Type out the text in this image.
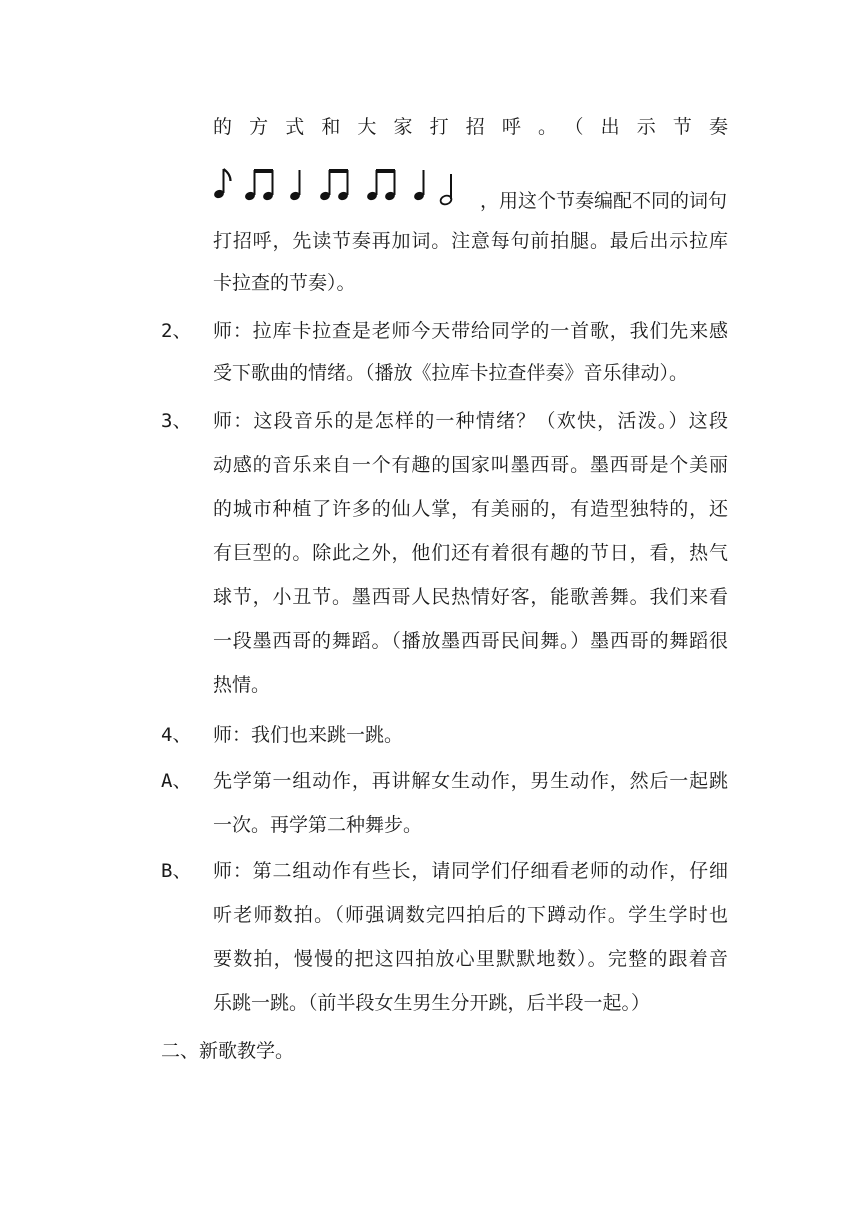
的方式和大家打招呼。（出示节奏
，用这个节奏编配不同的词句
打招呼，先读节奏再加词。注意每句前拍腿。最后出示拉库
卡拉查的节奏）。
2、 师：拉库卡拉查是老师今天带给同学的一首歌，我们先来感
受下歌曲的情绪。（播放《拉库卡拉查伴奏》音乐律动）。
3、 师：这段音乐的是怎样的一种情绪？（欢快，活泼。）这段
动感的音乐来自一个有趣的国家叫墨西哥。墨西哥是个美丽
的城市种植了许多的仙人掌，有美丽的，有造型独特的，还
有巨型的。除此之外，他们还有着很有趣的节日，看，热气
球节，小丑节。墨西哥人民热情好客，能歌善舞。我们来看
一段墨西哥的舞蹈。（播放墨西哥民间舞。）墨西哥的舞蹈很
热情。
4、 师：我们也来跳一跳。
A、 先学第一组动作，再讲解女生动作，男生动作，然后一起跳
一次。再学第二种舞步。
B、 师：第二组动作有些长，请同学们仔细看老师的动作，仔细
听老师数拍。（师强调数完四拍后的下蹲动作。学生学时也
要数拍，慢慢的把这四拍放心里默默地数）。完整的跟着音
乐跳一跳。（前半段女生男生分开跳，后半段一起。）
二、新歌教学。
